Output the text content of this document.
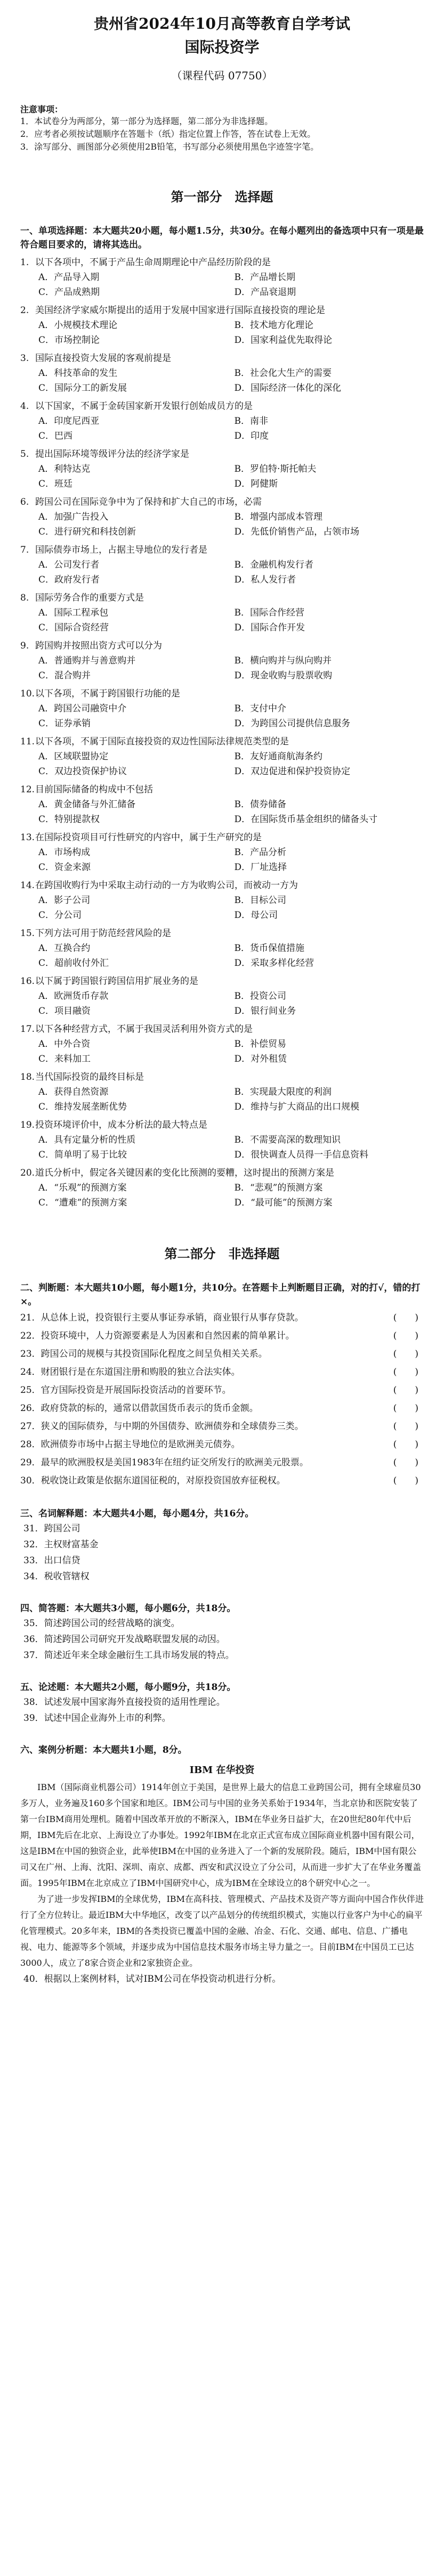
贵州省2024年10月高等教育自学考试
国际投资学
（课程代码 07750）
注意事项：
1．本试卷分为两部分，第一部分为选择题，第二部分为非选择题。
2．应考者必须按试题顺序在答题卡（纸）指定位置上作答，答在试卷上无效。
3．涂写部分、画图部分必须使用2B铅笔，书写部分必须使用黑色字迹签字笔。
第一部分　选择题
一、单项选择题：本大题共20小题，每小题1.5分，共30分。在每小题列出的备选项中只有一项是最符合题目要求的，请将其选出。
1. 以下各项中，不属于产品生命周期理论中产品经历阶段的是
A．产品导入期	B．产品增长期
C．产品成熟期	D．产品衰退期
2. 美国经济学家威尔斯提出的适用于发展中国家进行国际直接投资的理论是
A．小规模技术理论	B．技术地方化理论
C．市场控制论	D．国家利益优先取得论
3. 国际直接投资大发展的客观前提是
A．科技革命的发生	B．社会化大生产的需要
C．国际分工的新发展	D．国际经济一体化的深化
4. 以下国家，不属于金砖国家新开发银行创始成员方的是
A．印度尼西亚	B．南非
C．巴西	D．印度
5. 提出国际环境等级评分法的经济学家是
A．利特达克	B．罗伯特·斯托帕夫
C．班廷	D．阿健斯
6. 跨国公司在国际竞争中为了保持和扩大自己的市场，必需
A．加强广告投入	B．增强内部成本管理
C．进行研究和科技创新	D．先低价销售产品，占领市场
7. 国际债券市场上，占据主导地位的发行者是
A．公司发行者	B．金融机构发行者
C．政府发行者	D．私人发行者
8. 国际劳务合作的重要方式是
A．国际工程承包	B．国际合作经营
C．国际合资经营	D．国际合作开发
9. 跨国购并按照出资方式可以分为
A．普通购并与善意购并	B．横向购并与纵向购并
C．混合购并	D．现金收购与股票收购
10.以下各项，不属于跨国银行功能的是
A．跨国公司融资中介	B．支付中介
C．证券承销	D．为跨国公司提供信息服务
11.以下各项，不属于国际直接投资的双边性国际法律规范类型的是
A．区域联盟协定	B．友好通商航海条约
C．双边投资保护协议	D．双边促进和保护投资协定
12.目前国际储备的构成中不包括
A．黄金储备与外汇储备	B．债券储备
C．特别提款权	D．在国际货币基金组织的储备头寸
13.在国际投资项目可行性研究的内容中，属于生产研究的是
A．市场构成	B．产品分析
C．资金来源	D．厂址选择
14.在跨国收购行为中采取主动行动的一方为收购公司，而被动一方为
A．影子公司	B．目标公司
C．分公司	D．母公司
15.下列方法可用于防范经营风险的是
A．互换合约	B．货币保值措施
C．超前收付外汇	D．采取多样化经营
16.以下属于跨国银行跨国信用扩展业务的是
A．欧洲货币存款	B．投资公司
C．项目融资	D．银行间业务
17.以下各种经营方式，不属于我国灵活利用外资方式的是
A．中外合资	B．补偿贸易
C．来料加工	D．对外租赁
18.当代国际投资的最终目标是
A．获得自然资源	B．实现最大限度的利润
C．维持发展垄断优势	D．维持与扩大商品的出口规模
19.投资环境评价中，成本分析法的最大特点是
A．具有定量分析的性质	B．不需要高深的数理知识
C．简单明了易于比较	D．很快调查人员得一手信息资料
20.道氏分析中，假定各关键因素的变化比预测的要糟，这时提出的预测方案是
A．“乐观”的预测方案	B．“悲观”的预测方案
C．“遭难”的预测方案	D．“最可能”的预测方案
第二部分　非选择题
二、判断题：本大题共10小题，每小题1分，共10分。在答题卡上判断题目正确，对的打√，错的打×。
21．从总体上说，投资银行主要从事证券承销，商业银行从事存贷款。	(　　)
22．投资环境中，人力资源要素是人为因素和自然因素的简单累计。	(　　)
23．跨国公司的规模与其投资国际化程度之间呈负相关关系。	(　　)
24．财团银行是在东道国注册和购股的独立合法实体。	(　　)
25．官方国际投资是开展国际投资活动的首要环节。	(　　)
26．政府贷款的标的，通常以借款国货币表示的货币金额。	(　　)
27．狭义的国际债券，与中期的外国债券、欧洲债券和全球债券三类。	(　　)
28．欧洲债券市场中占据主导地位的是欧洲美元债券。	(　　)
29．最早的欧洲股权是美国1983年在纽约证交所发行的欧洲美元股票。	(　　)
30．税收饶让政策是依据东道国征税的，对原投资国放弃征税权。	(　　)
三、名词解释题：本大题共4小题，每小题4分，共16分。
31．跨国公司
32．主权财富基金
33．出口信贷
34．税收管辖权
四、简答题：本大题共3小题，每小题6分，共18分。
35．简述跨国公司的经营战略的演变。
36．简述跨国公司研究开发战略联盟发展的动因。
37．简述近年来全球金融衍生工具市场发展的特点。
五、论述题：本大题共2小题，每小题9分，共18分。
38．试述发展中国家海外直接投资的适用性理论。
39．试述中国企业海外上市的利弊。
六、案例分析题：本大题共1小题，8分。
IBM 在华投资
IBM（国际商业机器公司）1914年创立于美国，是世界上最大的信息工业跨国公司，拥有全球雇员30多万人，业务遍及160多个国家和地区。IBM公司与中国的业务关系始于1934年，当北京协和医院安装了第一台IBM商用处理机。随着中国改革开放的不断深入，IBM在华业务日益扩大，在20世纪80年代中后期，IBM先后在北京、上海设立了办事处。1992年IBM在北京正式宣布成立国际商业机器中国有限公司，这是IBM在中国的独资企业，此举使IBM在中国的业务进入了一个新的发展阶段。随后，IBM中国有限公司又在广州、上海、沈阳、深圳、南京、成都、西安和武汉设立了分公司，从而进一步扩大了在华业务覆盖面。1995年IBM在北京成立了IBM中国研究中心，成为IBM在全球设立的8个研究中心之一。
为了进一步发挥IBM的全球优势，IBM在高科技、管理模式、产品技术及资产等方面向中国合作伙伴进行了全方位转让。最近IBM大中华地区，改变了以产品划分的传统组织模式，实施以行业客户为中心的扁平化管理模式。20多年来，IBM的各类投资已覆盖中国的金融、冶金、石化、交通、邮电、信息、广播电视、电力、能源等多个领域，并逐步成为中国信息技术服务市场主导力量之一。目前IBM在中国员工已达3000人，成立了8家合资企业和2家独资企业。
40．根据以上案例材料，试对IBM公司在华投资动机进行分析。
